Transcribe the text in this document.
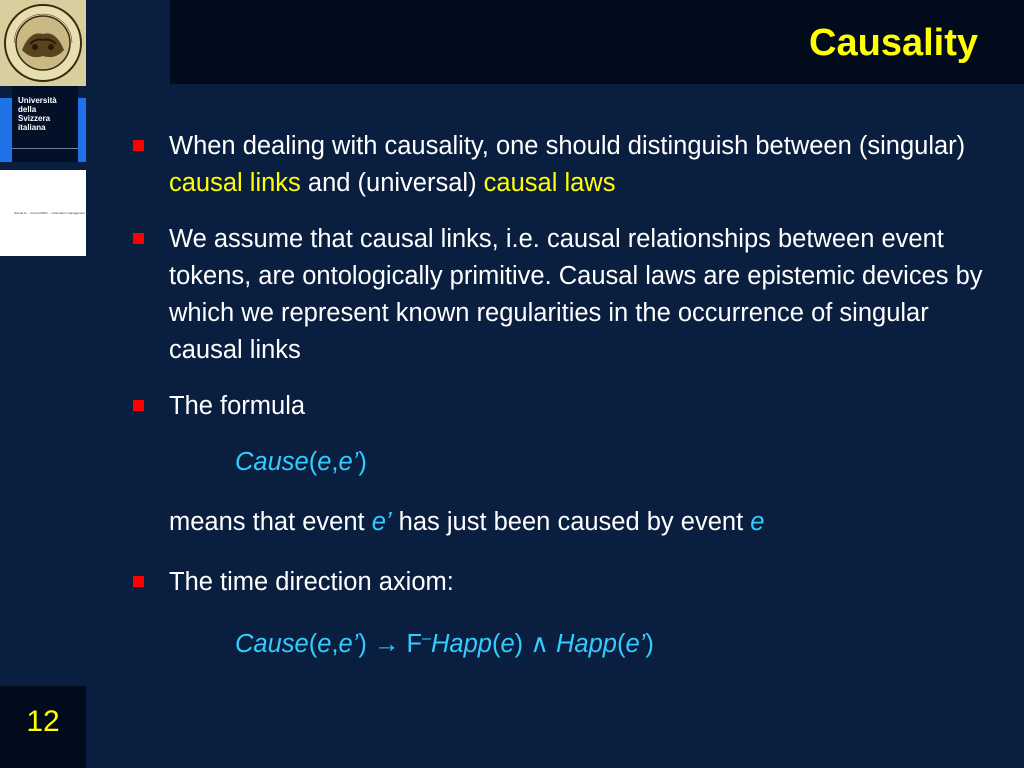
Causality
Università
della
Svizzera
italiana
Scuola di ... ricerca PRIN ... information management ...
12
When dealing with causality, one should distinguish between (singular) causal links and (universal) causal laws
We assume that causal links, i.e. causal relationships between event tokens, are ontologically primitive. Causal laws are epistemic devices by which we represent known regularities in the occurrence of singular causal links
The formula
Cause(e,e’)
means that event e’ has just been caused by event e
The time direction axiom:
Cause(e,e’) → F–Happ(e) ∧ Happ(e’)
